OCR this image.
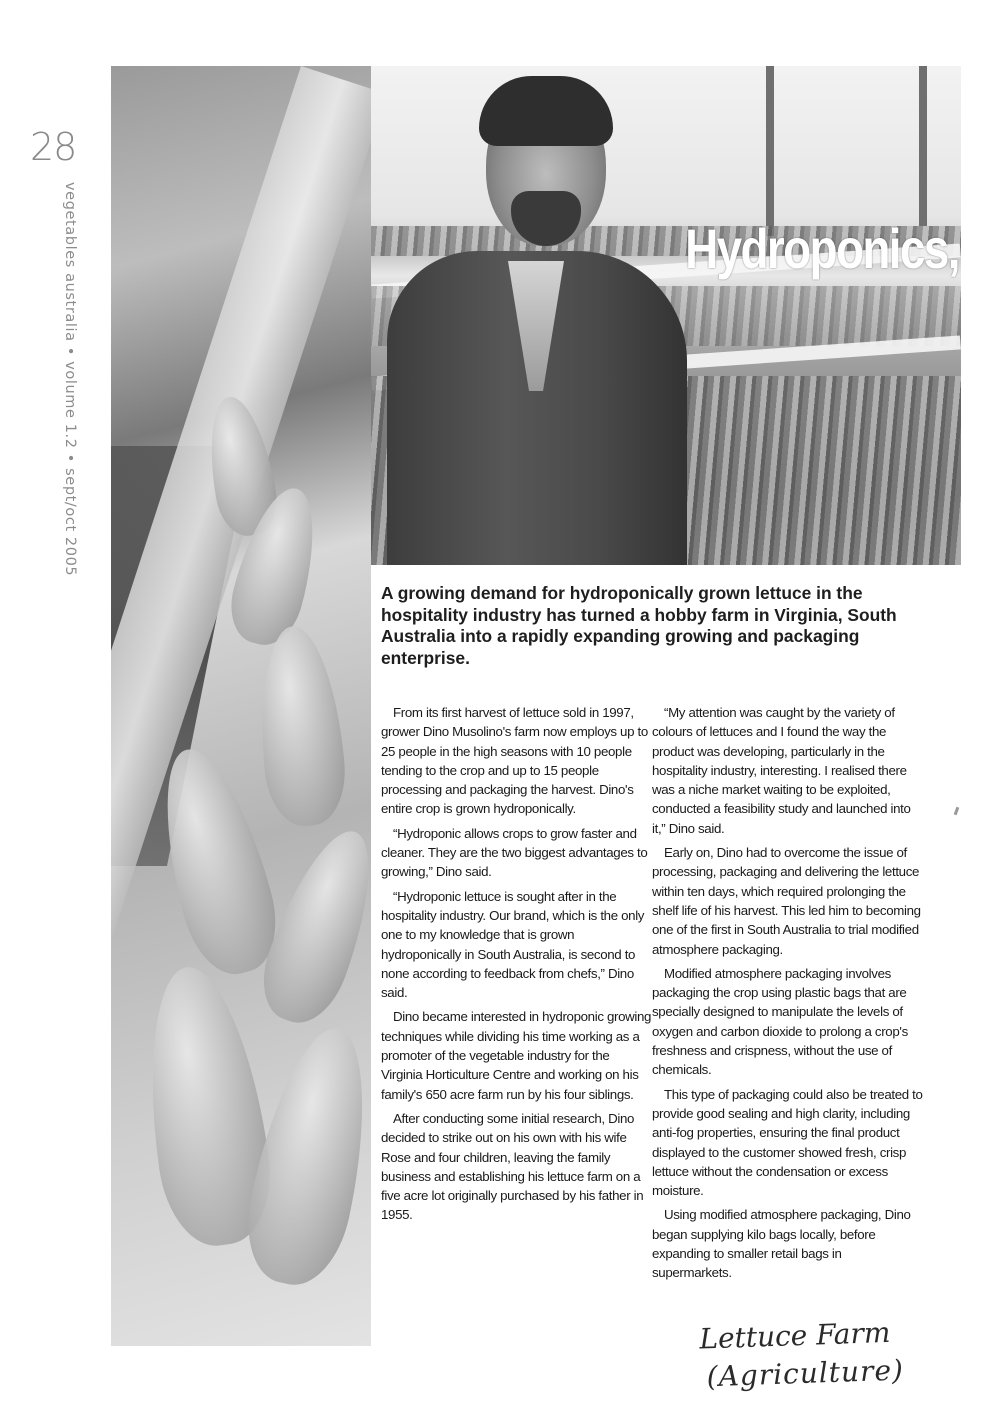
28
vegetables australia • volume 1.2 • sept/oct 2005	Hydroponics,
A growing demand for hydroponically grown lettuce in the hospitality industry has turned a hobby farm in Virginia, South Australia into a rapidly expanding growing and packaging enterprise.

From its first harvest of lettuce sold in 1997, grower Dino Musolino's farm now employs up to 25 people in the high seasons with 10 people tending to the crop and up to 15 people processing and packaging the harvest. Dino's entire crop is grown hydroponically.

“Hydroponic allows crops to grow faster and cleaner. They are the two biggest advantages to growing,” Dino said.

“Hydroponic lettuce is sought after in the hospitality industry. Our brand, which is the only one to my knowledge that is grown hydroponically in South Australia, is second to none according to feedback from chefs,” Dino said.

Dino became interested in hydroponic growing techniques while dividing his time working as a promoter of the vegetable industry for the Virginia Horticulture Centre and working on his family's 650 acre farm run by his four siblings.

After conducting some initial research, Dino decided to strike out on his own with his wife Rose and four children, leaving the family business and establishing his lettuce farm on a five acre lot originally purchased by his father in 1955.

“My attention was caught by the variety of colours of lettuces and I found the way the product was developing, particularly in the hospitality industry, interesting. I realised there was a niche market waiting to be exploited, conducted a feasibility study and launched into it,” Dino said.

Early on, Dino had to overcome the issue of processing, packaging and delivering the lettuce within ten days, which required prolonging the shelf life of his harvest. This led him to becoming one of the first in South Australia to trial modified atmosphere packaging.

Modified atmosphere packaging involves packaging the crop using plastic bags that are specially designed to manipulate the levels of oxygen and carbon dioxide to prolong a crop's freshness and crispness, without the use of chemicals.

This type of packaging could also be treated to provide good sealing and high clarity, including anti-fog properties, ensuring the final product displayed to the customer showed fresh, crisp lettuce without the condensation or excess moisture.

Using modified atmosphere packaging, Dino began supplying kilo bags locally, before expanding to smaller retail bags in supermarkets.

Lettuce Farm
(Agriculture)
